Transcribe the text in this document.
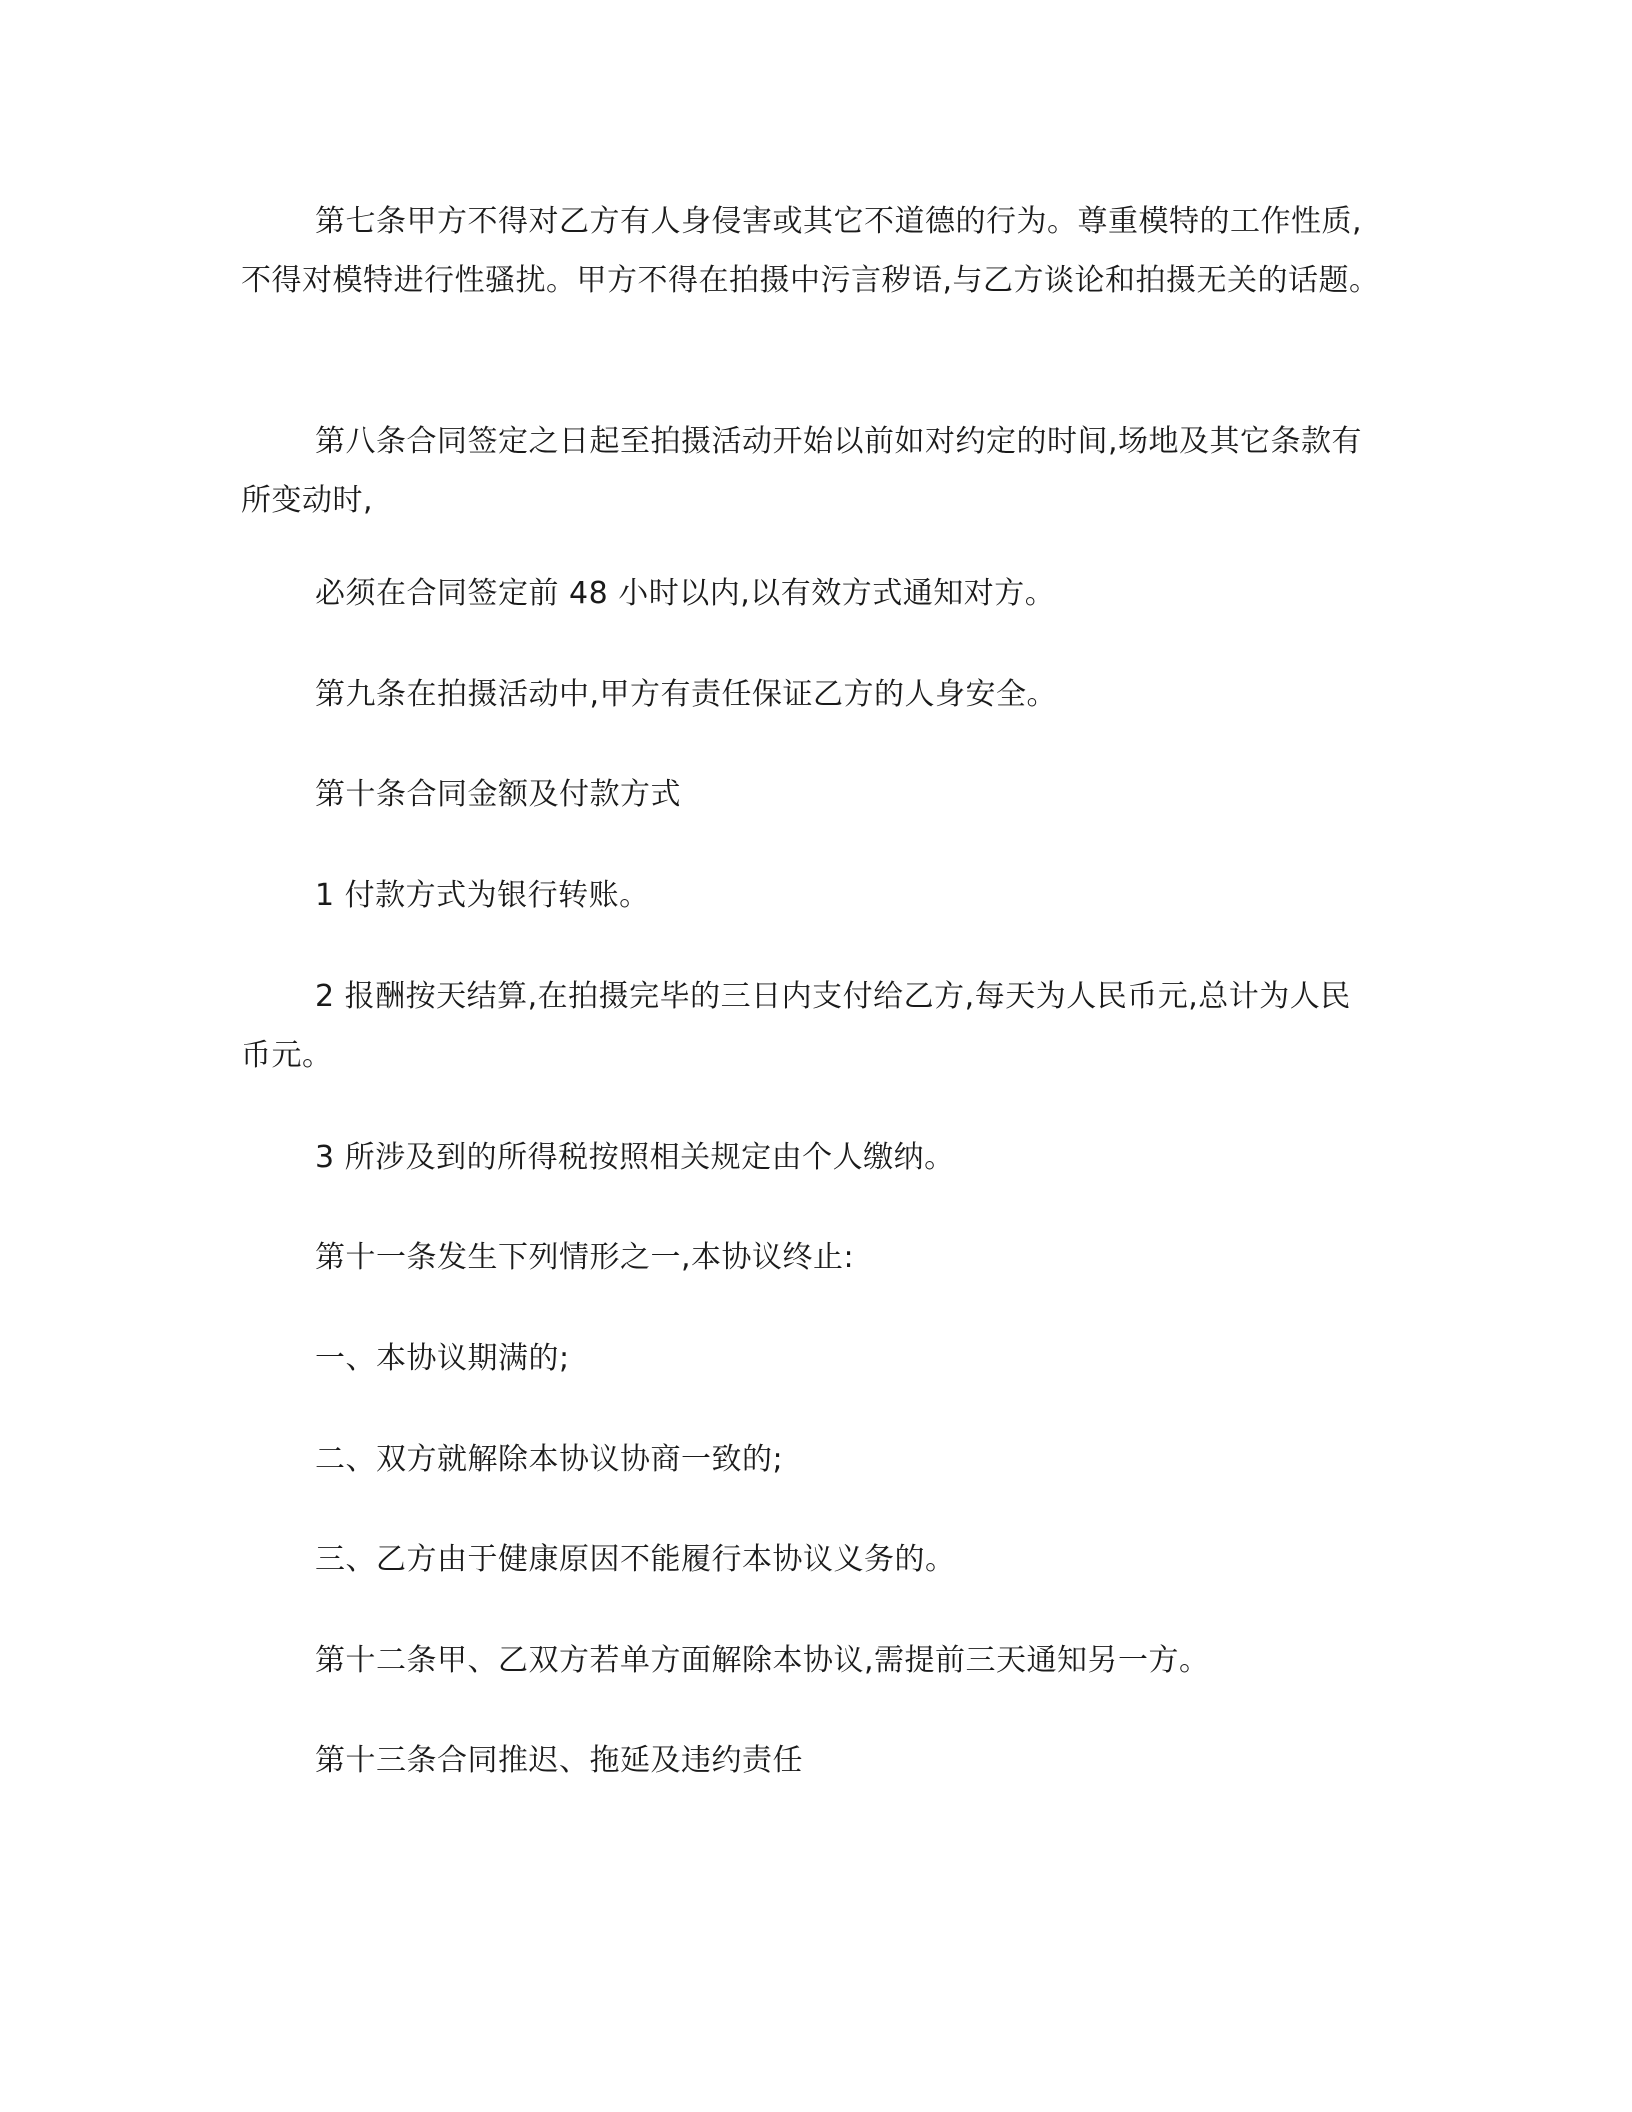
第七条甲方不得对乙方有人身侵害或其它不道德的行为。尊重模特的工作性质,不得对模特进行性骚扰。甲方不得在拍摄中污言秽语,与乙方谈论和拍摄无关的话题。

第八条合同签定之日起至拍摄活动开始以前如对约定的时间,场地及其它条款有所变动时,

必须在合同签定前 48 小时以内,以有效方式通知对方。

第九条在拍摄活动中,甲方有责任保证乙方的人身安全。

第十条合同金额及付款方式

1 付款方式为银行转账。

2 报酬按天结算,在拍摄完毕的三日内支付给乙方,每天为人民币元,总计为人民币元。

3 所涉及到的所得税按照相关规定由个人缴纳。

第十一条发生下列情形之一,本协议终止:

一、本协议期满的;

二、双方就解除本协议协商一致的;

三、乙方由于健康原因不能履行本协议义务的。

第十二条甲、乙双方若单方面解除本协议,需提前三天通知另一方。

第十三条合同推迟、拖延及违约责任
